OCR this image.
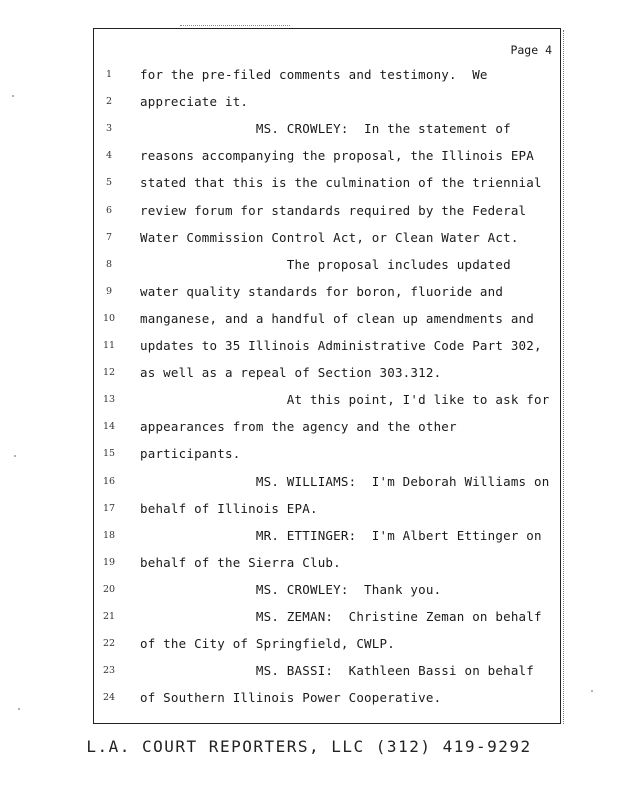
Page 4
1	for the pre-filed comments and testimony.  We
2	appreciate it.
3	MS. CROWLEY:  In the statement of
4	reasons accompanying the proposal, the Illinois EPA
5	stated that this is the culmination of the triennial
6	review forum for standards required by the Federal
7	Water Commission Control Act, or Clean Water Act.
8	The proposal includes updated
9	water quality standards for boron, fluoride and
10	manganese, and a handful of clean up amendments and
11	updates to 35 Illinois Administrative Code Part 302,
12	as well as a repeal of Section 303.312.
13	At this point, I'd like to ask for
14	appearances from the agency and the other
15	participants.
16	MS. WILLIAMS:  I'm Deborah Williams on
17	behalf of Illinois EPA.
18	MR. ETTINGER:  I'm Albert Ettinger on
19	behalf of the Sierra Club.
20	MS. CROWLEY:  Thank you.
21	MS. ZEMAN:  Christine Zeman on behalf
22	of the City of Springfield, CWLP.
23	MS. BASSI:  Kathleen Bassi on behalf
24	of Southern Illinois Power Cooperative.
L.A. COURT REPORTERS, LLC (312) 419-9292
